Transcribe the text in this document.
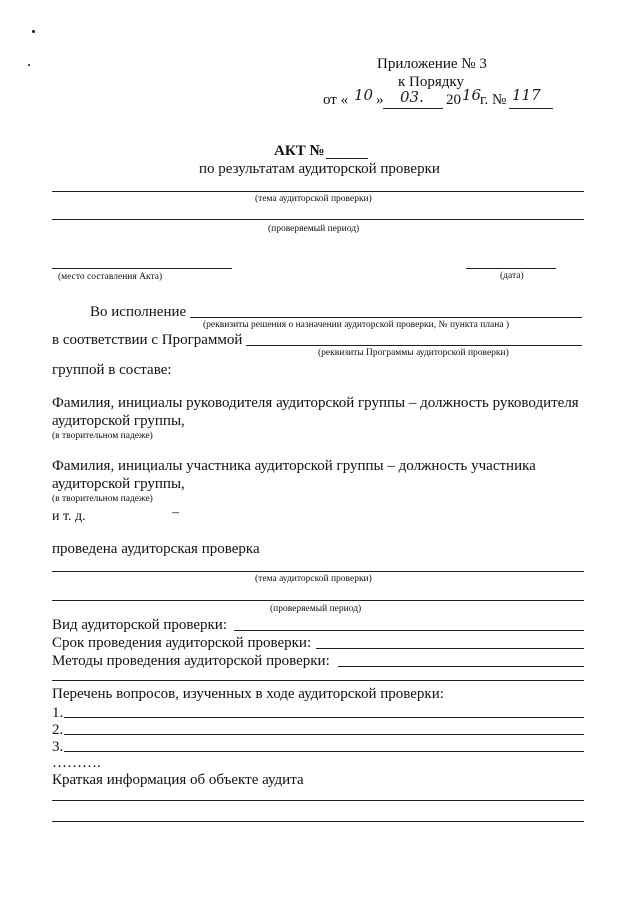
Приложение № 3
к Порядку
от « 10 » 03. 20 16
г. № 117
АКТ №
по результатам аудиторской проверки
(тема аудиторской проверки)
(проверяемый период)
(место составления Акта)	(дата)
Во исполнение
(реквизиты решения о назначении аудиторской проверки, № пункта плана )
в соответствии с Программой
(реквизиты Программы аудиторской проверки)
группой в составе:
Фамилия, инициалы руководителя аудиторской группы – должность руководителя
аудиторской группы,
(в творительном падеже)
Фамилия, инициалы участника аудиторской группы – должность участника
аудиторской группы,
(в творительном падеже)
и т. д.	–
проведена аудиторская проверка
(тема аудиторской проверки)
(проверяемый период)
Вид аудиторской проверки:
Срок проведения аудиторской проверки:
Методы проведения аудиторской проверки:
Перечень вопросов, изученных в ходе аудиторской проверки:
1.
2.
3.
……….
Краткая информация об объекте аудита
